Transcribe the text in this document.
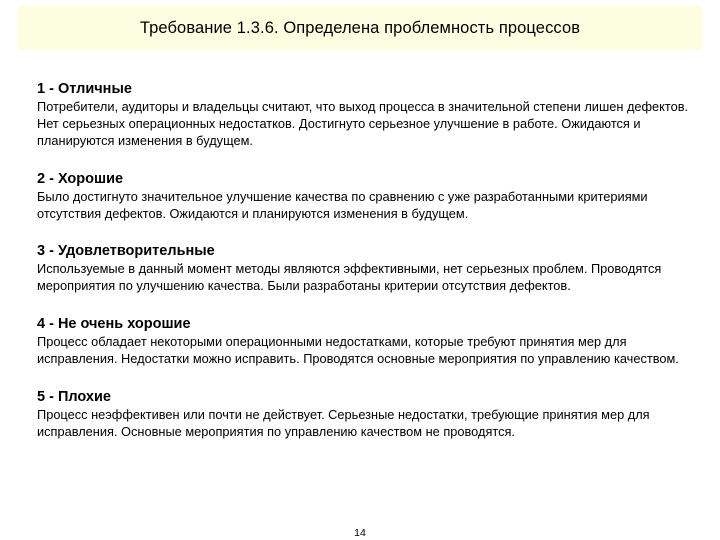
Требование 1.3.6. Определена проблемность процессов
1 - Отличные
Потребители, аудиторы и владельцы считают, что выход процесса в значительной степени лишен дефектов. Нет серьезных операционных недостатков. Достигнуто серьезное улучшение в работе. Ожидаются и планируются изменения в будущем.
2 - Хорошие
Было достигнуто значительное улучшение качества по сравнению с уже разработанными критериями отсутствия дефектов. Ожидаются и планируются изменения в будущем.
3 - Удовлетворительные
Используемые в данный момент методы являются эффективными, нет серьезных проблем. Проводятся мероприятия по улучшению качества. Были разработаны критерии отсутствия дефектов.
4 - Не очень хорошие
Процесс обладает некоторыми операционными недостатками, которые требуют принятия мер для исправления. Недостатки можно исправить. Проводятся основные мероприятия по управлению качеством.
5 - Плохие
Процесс неэффективен или почти не действует. Серьезные недостатки, требующие принятия мер для исправления. Основные мероприятия по управлению качеством не проводятся.
14
